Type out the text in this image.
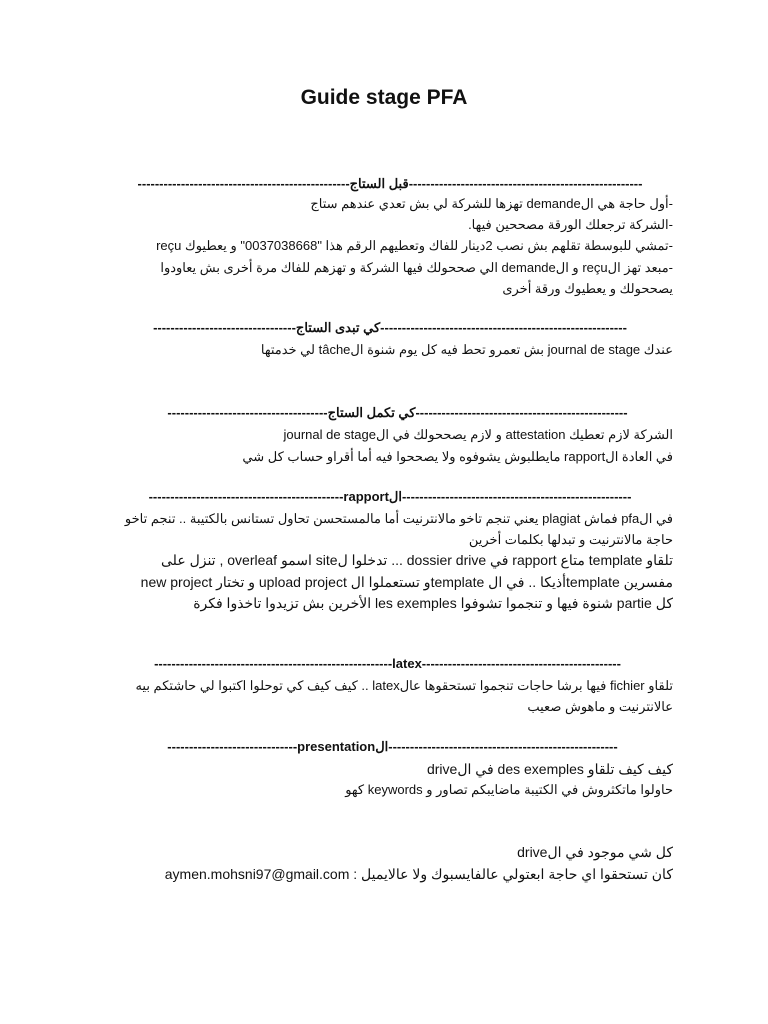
Guide stage PFA
------------------------------------------------------قبل الستاج-------------------------------------------------
-أول حاجة هي الdemande تهزها للشركة لي بش تعدي عندهم ستاج
-الشركة ترجعلك الورقة مصححين فيها.
-تمشي للبوسطة تقلهم بش نصب 2دينار للفاك وتعطيهم الرقم هذا "0037038668" و يعطيوك reçu
-مبعد تهز الreçu و الdemande الي صححولك فيها الشركة و تهزهم للفاك مرة أخرى بش يعاودوا
يصححولك و يعطيوك ورقة أخرى
---------------------------------------------------------كي تبدى الستاج---------------------------------
عندك journal de stage بش تعمرو تحط فيه كل يوم شنوة الtâche لي خدمتها
-------------------------------------------------كي تكمل الستاج-------------------------------------
الشركة لازم تعطيك attestation و لازم يصححولك في الjournal de stage
في العادة الrapport مايطلبوش يشوفوه ولا يصححوا فيه أما أقراو حساب كل شي
-----------------------------------------------------الrapport---------------------------------------------
في الpfa فماش plagiat يعني تنجم تاخو مالانترنيت أما مالمستحسن تحاول تستانس بالكتيبة .. تنجم تاخو
حاجة مالانترنيت و تبدلها بكلمات أخرين
تلقاو template متاع rapport في dossier drive ... تدخلوا لsite اسمو overleaf , تنزل على
new project و تختار upload project و تستعملوا الtemplate أذيكا .. في الtemplate مفسرين
كل partie شنوة فيها و تنجموا تشوفوا les exemples الأخرين بش تزيدوا تاخذوا فكرة
-------------------------------------------------------latex----------------------------------------------
تلقاو fichier فيها برشا حاجات تنجموا تستحقوها عالlatex .. كيف كيف كي توحلوا اكتبوا لي حاشتكم بيه
عالانترنيت و ماهوش صعيب
-----------------------------------------------------الpresentation------------------------------
كيف كيف تلقاو des exemples في الdrive
حاولوا ماتكثروش في الكتيبة ماضايبكم تصاور و keywords كهو
كل شي موجود في الdrive
كان تستحقوا اي حاجة ابعتولي عالفايسبوك ولا عالايميل : aymen.mohsni97@gmail.com
